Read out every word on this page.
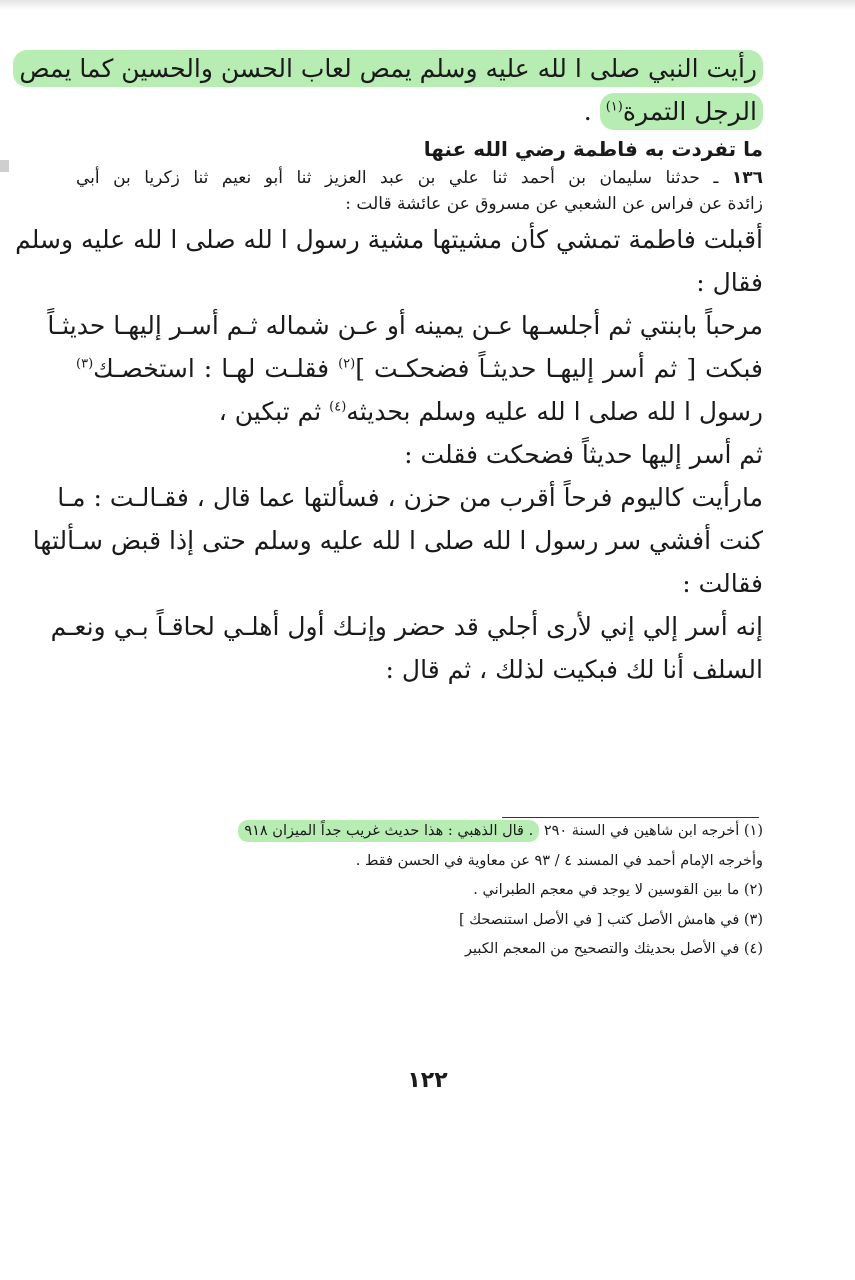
رأيت النبي صلى ا لله عليه وسلم يمص لعاب الحسن والحسين كما يمص
الرجل التمرة$^{(١)}$ .
ما تفردت به فاطمة رضي الله عنها
١٣٦ ـ حدثنا سليمان بن أحمد ثنا علي بن عبد العزيز ثنا أبو نعيم ثنا زكريا بن أبي
زائدة عن فراس عن الشعبي عن مسروق عن عائشة قالت :
أقبلت فاطمة تمشي كأن مشيتها مشية رسول ا لله صلى ا لله عليه وسلم
فقال :
مرحباً بابنتي ثم أجلسـها عـن يمينه أو عـن شماله ثـم أسـر إليهـا حديثـاً
فبكت [ ثم أسر إليهـا حديثـاً فضحكـت ]$^{(٢)}$ فقلـت لهـا : استخصـك$^{(٣)}$
رسول ا لله صلى ا لله عليه وسلم بحديثه$^{(٤)}$ ثم تبكين ،
ثم أسر إليها حديثاً فضحكت فقلت :
مارأيت كاليوم فرحاً أقرب من حزن ، فسألتها عما قال ، فقـالـت : مـا
كنت أفشي سر رسول ا لله صلى ا لله عليه وسلم حتى إذا قبض سـألتها
فقالت :
إنه أسر إلي إني لأرى أجلي قد حضر وإنـك أول أهلـي لحاقـاً بـي ونعـم
السلف أنا لك فبكيت لذلك ، ثم قال :
(١) أخرجه ابن شاهين في السنة ٢٩٠ . قال الذهبي : هذا حديث غريب جداً الميزان ٩١٨
وأخرجه الإمام أحمد في المسند ٤ / ٩٣ عن معاوية في الحسن فقط .
(٢) ما بين القوسين لا يوجد في معجم الطبراني .
(٣) في هامش الأصل كتب [ في الأصل استنصحك ]
(٤) في الأصل بحديثك والتصحيح من المعجم الكبير
١٢٢
